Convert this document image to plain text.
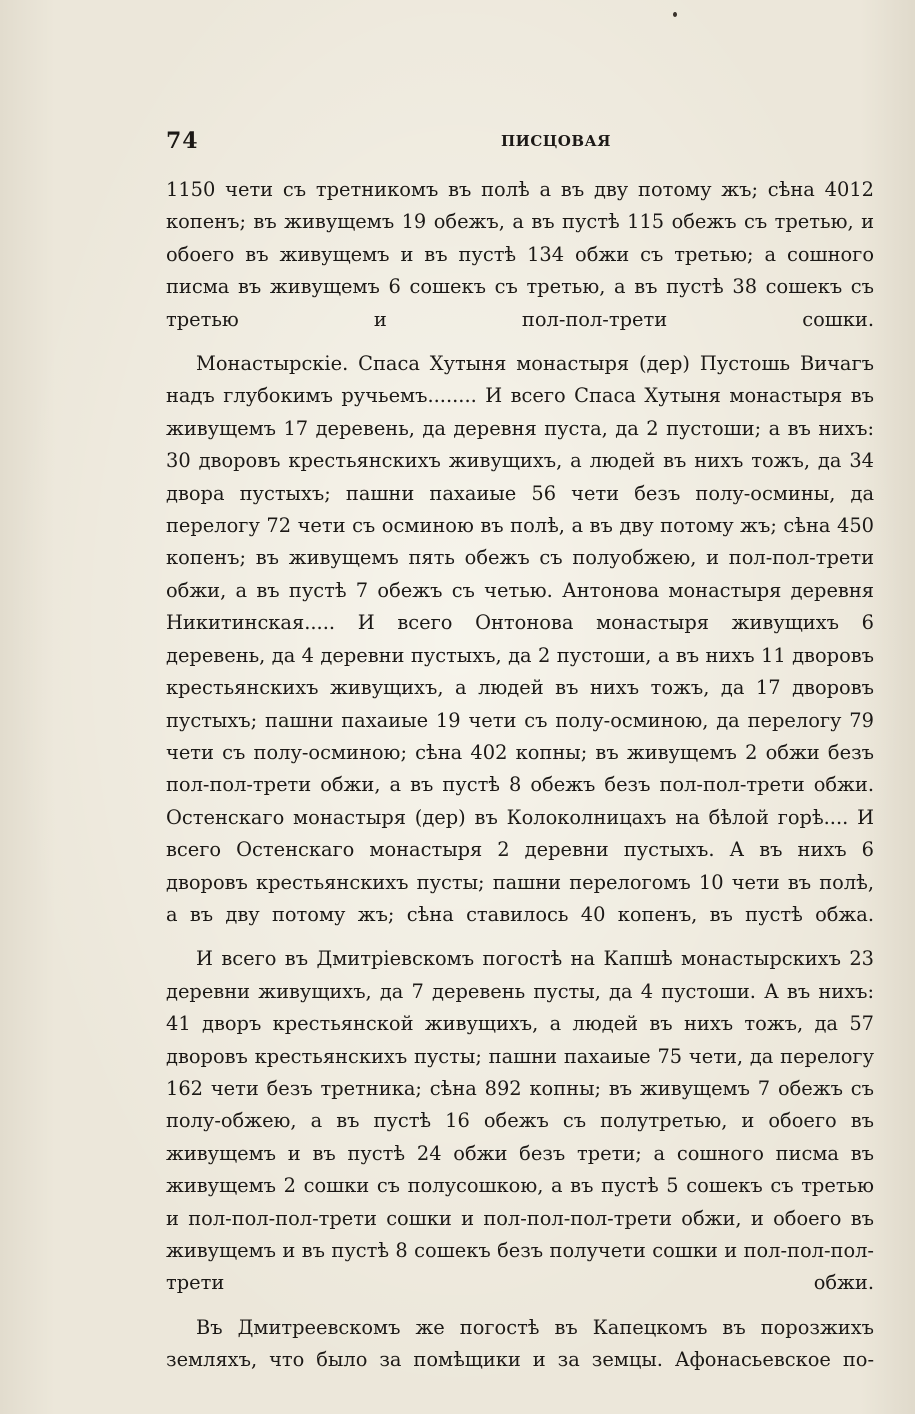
74	ПИСЦОВАЯ

1150 чети съ третникомъ въ полѣ а въ дву потому жъ; сѣна 4012 копенъ; въ живущемъ 19 обежъ, а въ пустѣ 115 обежъ съ третью, и обоего въ живущемъ и въ пустѣ 134 обжи съ третью; а сошного писма въ живущемъ 6 сошекъ съ третью, а въ пустѣ 38 сошекъ съ третью и пол-пол-трети сошки.

Монастырскіе. Спаса Хутыня монастыря (дер) Пустошь Вичагъ надъ глубокимъ ручьемъ........ И всего Спаса Хутыня монастыря въ живущемъ 17 деревень, да деревня пуста, да 2 пустоши; а въ нихъ: 30 дворовъ крестьянскихъ живущихъ, а людей въ нихъ тожъ, да 34 двора пустыхъ; пашни пахаиые 56 чети безъ полу-осмины, да перелогу 72 чети съ осминою въ полѣ, а въ дву потому жъ; сѣна 450 копенъ; въ живущемъ пять обежъ съ полуобжею, и пол-пол-трети обжи, а въ пустѣ 7 обежъ съ четью. Антонова монастыря деревня Никитинская..... И всего Онтонова монастыря живущихъ 6 деревень, да 4 деревни пустыхъ, да 2 пустоши, а въ нихъ 11 дворовъ крестьянскихъ живущихъ, а людей въ нихъ тожъ, да 17 дворовъ пустыхъ; пашни пахаиые 19 чети съ полу-осминою, да перелогу 79 чети съ полу-осминою; сѣна 402 копны; въ живущемъ 2 обжи безъ пол-пол-трети обжи, а въ пустѣ 8 обежъ безъ пол-пол-трети обжи. Остенскаго монастыря (дер) въ Колоколницахъ на бѣлой горѣ.... И всего Остенскаго монастыря 2 деревни пустыхъ. А въ нихъ 6 дворовъ крестьянскихъ пусты; пашни перелогомъ 10 чети въ полѣ, а въ дву потому жъ; сѣна ставилось 40 копенъ, въ пустѣ обжа.

И всего въ Дмитріевскомъ погостѣ на Капшѣ монастырскихъ 23 деревни живущихъ, да 7 деревень пусты, да 4 пустоши. А въ нихъ: 41 дворъ крестьянской живущихъ, а людей въ нихъ тожъ, да 57 дворовъ крестьянскихъ пусты; пашни пахаиые 75 чети, да перелогу 162 чети безъ третника; сѣна 892 копны; въ живущемъ 7 обежъ съ полу-обжею, а въ пустѣ 16 обежъ съ полутретью, и обоего въ живущемъ и въ пустѣ 24 обжи безъ трети; а сошного писма въ живущемъ 2 сошки съ полусошкою, а въ пустѣ 5 сошекъ съ третью и пол-пол-пол-трети сошки и пол-пол-пол-трети обжи, и обоего въ живущемъ и въ пустѣ 8 сошекъ безъ получети сошки и пол-пол-пол-трети обжи.

Въ Дмитреевскомъ же погостѣ въ Капецкомъ въ порозжихъ земляхъ, что было за помѣщики и за земцы. Афонасьевское по-
